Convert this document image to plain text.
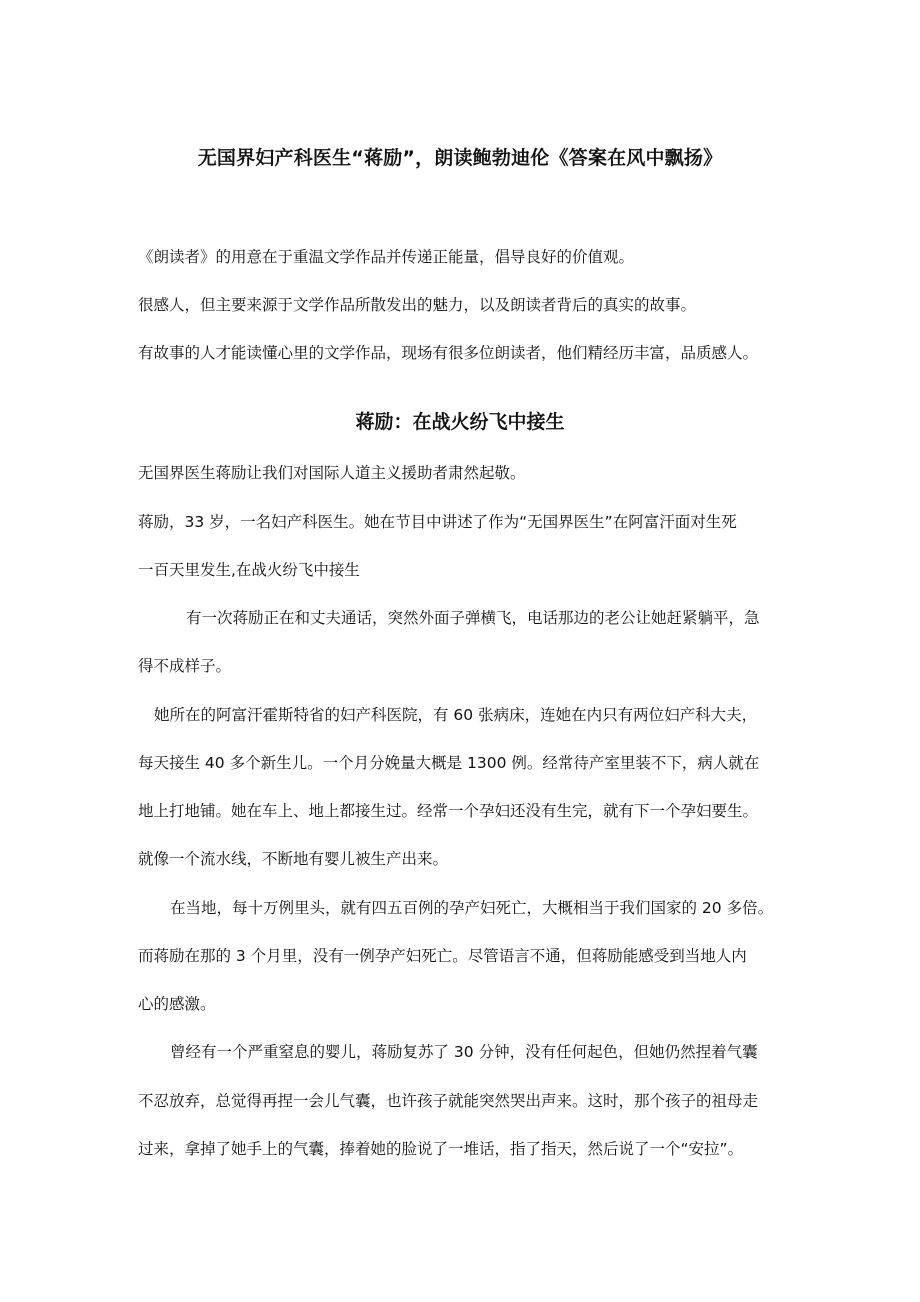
无国界妇产科医生“蒋励”，朗读鲍勃迪伦《答案在风中飘扬》
《朗读者》的用意在于重温文学作品并传递正能量，倡导良好的价值观。
很感人，但主要来源于文学作品所散发出的魅力，以及朗读者背后的真实的故事。
有故事的人才能读懂心里的文学作品，现场有很多位朗读者，他们精经历丰富，品质感人。
蒋励：在战火纷飞中接生
无国界医生蒋励让我们对国际人道主义援助者肃然起敬。
蒋励，33 岁，一名妇产科医生。她在节目中讲述了作为“无国界医生”在阿富汗面对生死
一百天里发生,在战火纷飞中接生
有一次蒋励正在和丈夫通话，突然外面子弹横飞，电话那边的老公让她赶紧躺平，急
得不成样子。
她所在的阿富汗霍斯特省的妇产科医院，有 60 张病床，连她在内只有两位妇产科大夫，
每天接生 40 多个新生儿。一个月分娩量大概是 1300 例。经常待产室里装不下，病人就在
地上打地铺。她在车上、地上都接生过。经常一个孕妇还没有生完，就有下一个孕妇要生。
就像一个流水线，不断地有婴儿被生产出来。
在当地，每十万例里头，就有四五百例的孕产妇死亡，大概相当于我们国家的 20 多倍。
而蒋励在那的 3 个月里，没有一例孕产妇死亡。尽管语言不通，但蒋励能感受到当地人内
心的感激。
曾经有一个严重窒息的婴儿，蒋励复苏了 30 分钟，没有任何起色，但她仍然捏着气囊
不忍放弃，总觉得再捏一会儿气囊，也许孩子就能突然哭出声来。这时，那个孩子的祖母走
过来，拿掉了她手上的气囊，捧着她的脸说了一堆话，指了指天，然后说了一个“安拉”。
